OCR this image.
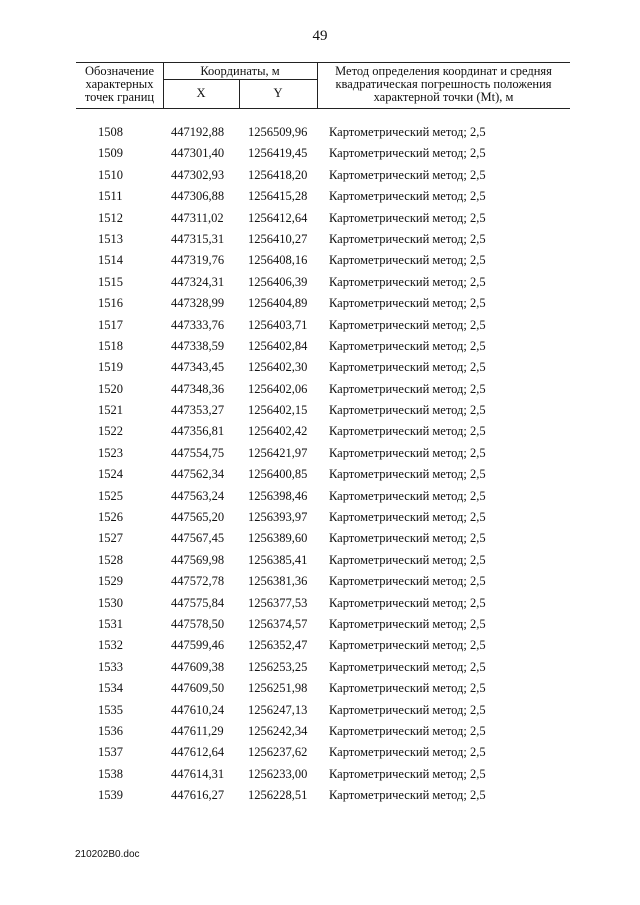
49
Обозначение
характерных
точек границ
Координаты, м
X	Y
Метод определения координат и средняя
квадратическая погрешность положения
характерной точки (Mt), м
1508	447192,88 1256509,96 Картометрический метод; 2,5
1509	447301,40 1256419,45 Картометрический метод; 2,5
1510	447302,93 1256418,20 Картометрический метод; 2,5
1511	447306,88 1256415,28 Картометрический метод; 2,5
1512	447311,02 1256412,64 Картометрический метод; 2,5
1513	447315,31 1256410,27 Картометрический метод; 2,5
1514	447319,76 1256408,16 Картометрический метод; 2,5
1515	447324,31 1256406,39 Картометрический метод; 2,5
1516	447328,99 1256404,89 Картометрический метод; 2,5
1517	447333,76 1256403,71 Картометрический метод; 2,5
1518	447338,59 1256402,84 Картометрический метод; 2,5
1519	447343,45 1256402,30 Картометрический метод; 2,5
1520	447348,36 1256402,06 Картометрический метод; 2,5
1521	447353,27 1256402,15 Картометрический метод; 2,5
1522	447356,81 1256402,42 Картометрический метод; 2,5
1523	447554,75 1256421,97 Картометрический метод; 2,5
1524	447562,34 1256400,85 Картометрический метод; 2,5
1525	447563,24 1256398,46 Картометрический метод; 2,5
1526	447565,20 1256393,97 Картометрический метод; 2,5
1527	447567,45 1256389,60 Картометрический метод; 2,5
1528	447569,98 1256385,41 Картометрический метод; 2,5
1529	447572,78 1256381,36 Картометрический метод; 2,5
1530	447575,84 1256377,53 Картометрический метод; 2,5
1531	447578,50 1256374,57 Картометрический метод; 2,5
1532	447599,46 1256352,47 Картометрический метод; 2,5
1533	447609,38 1256253,25 Картометрический метод; 2,5
1534	447609,50 1256251,98 Картометрический метод; 2,5
1535	447610,24 1256247,13 Картометрический метод; 2,5
1536	447611,29 1256242,34 Картометрический метод; 2,5
1537	447612,64 1256237,62 Картометрический метод; 2,5
1538	447614,31 1256233,00 Картометрический метод; 2,5
1539	447616,27 1256228,51 Картометрический метод; 2,5
210202B0.doc
